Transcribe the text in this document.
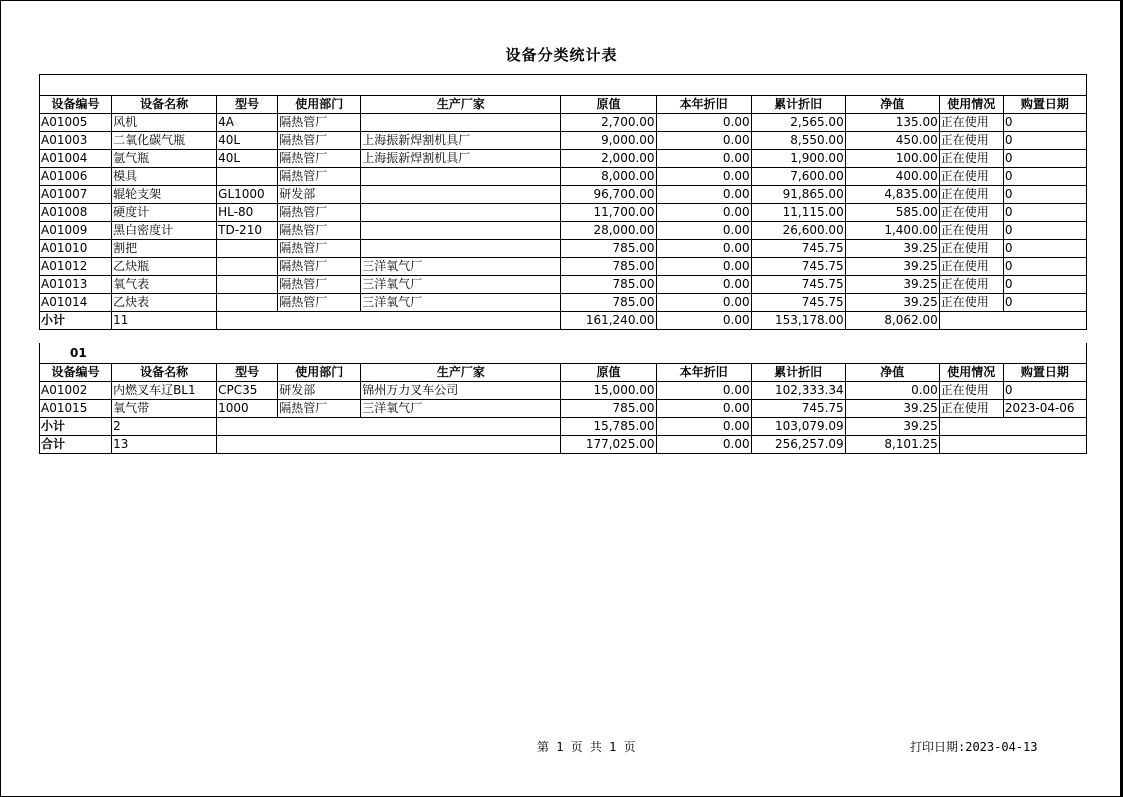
设备分类统计表
设备编号	设备名称	型号	使用部门	生产厂家	原值	本年折旧	累计折旧	净值	使用情况	购置日期
A01005	风机	4A	隔热管厂		2,700.00	0.00	2,565.00	135.00	正在使用	0
A01003	二氧化碳气瓶	40L	隔热管厂	上海振新焊割机具厂	9,000.00	0.00	8,550.00	450.00	正在使用	0
A01004	氩气瓶	40L	隔热管厂	上海振新焊割机具厂	2,000.00	0.00	1,900.00	100.00	正在使用	0
A01006	模具		隔热管厂		8,000.00	0.00	7,600.00	400.00	正在使用	0
A01007	辊轮支架	GL1000	研发部		96,700.00	0.00	91,865.00	4,835.00	正在使用	0
A01008	硬度计	HL-80	隔热管厂		11,700.00	0.00	11,115.00	585.00	正在使用	0
A01009	黑白密度计	TD-210	隔热管厂		28,000.00	0.00	26,600.00	1,400.00	正在使用	0
A01010	割把		隔热管厂		785.00	0.00	745.75	39.25	正在使用	0
A01012	乙炔瓶		隔热管厂	三洋氧气厂	785.00	0.00	745.75	39.25	正在使用	0
A01013	氧气表		隔热管厂	三洋氧气厂	785.00	0.00	745.75	39.25	正在使用	0
A01014	乙炔表		隔热管厂	三洋氧气厂	785.00	0.00	745.75	39.25	正在使用	0
小计	11				161,240.00	0.00	153,178.00	8,062.00		
01
设备编号	设备名称	型号	使用部门	生产厂家	原值	本年折旧	累计折旧	净值	使用情况	购置日期
A01002	内燃叉车辽BL1	CPC35	研发部	锦州万力叉车公司	15,000.00	0.00	102,333.34	0.00	正在使用	0
A01015	氧气带	1000	隔热管厂	三洋氧气厂	785.00	0.00	745.75	39.25	正在使用	2023-04-06
小计	2				15,785.00	0.00	103,079.09	39.25		
合计	13				177,025.00	0.00	256,257.09	8,101.25		
第 1 页 共 1 页	打印日期:2023-04-13
